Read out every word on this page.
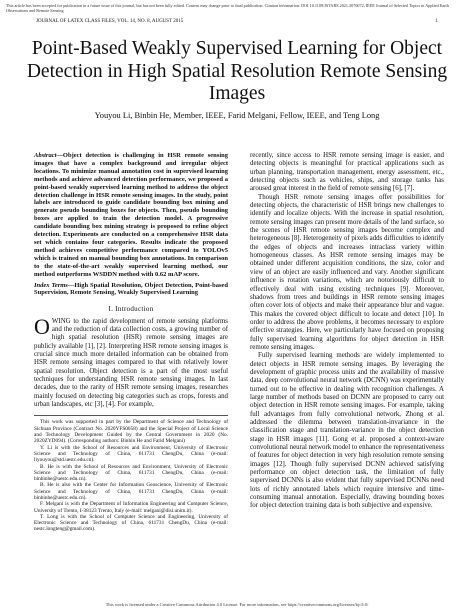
This article has been accepted for publication in a future issue of this journal, but has not been fully edited. Content may change prior to final publication. Citation information: DOI 10.1109/JSTARS.2021.3076072, IEEE Journal of Selected Topics in Applied Earth Observations and Remote Sensing
JOURNAL OF LATEX CLASS FILES, VOL. 14, NO. 8, AUGUST 2015	1
Point-Based Weakly Supervised Learning for Object Detection in High Spatial Resolution Remote Sensing Images
Youyou Li, Binbin He, Member, IEEE, Farid Melgani, Fellow, IEEE, and Teng Long

Abstract—Object detection is challenging in HSR remote sensing images that have a complex background and irregular object locations. To minimize manual annotation cost in supervised learning methods and achieve advanced detection performance, we proposed a point-based weakly supervised learning method to address the object detection challenge in HSR remote sensing images. In the study, point labels are introduced to guide candidate bounding box mining and generate pseudo bounding boxes for objects. Then, pseudo bounding boxes are applied to train the detection model. A progressive candidate bounding box mining strategy is proposed to refine object detection. Experiments are conducted on a comprehensive HSR data set which contains four categories. Results indicate the proposed method achieves competitive performance compared to YOLOv5 which is trained on manual bounding box annotations. In comparison to the state-of-the-art weakly supervised learning method, our method outperforms WSDDN method with 0.62 mAP score.

Index Terms—High Spatial Resolution, Object Detection, Point-based Supervision, Remote Sensing, Weakly Supervised Learning

I. Introduction

OWING to the rapid development of remote sensing platforms and the reduction of data collection costs, a growing number of high spatial resolution (HSR) remote sensing images are publicly available [1], [2]. Interpreting HSR remote sensing images is crucial since much more detailed information can be obtained from HSR remote sensing images compared to that with relatively lower spatial resolution. Object detection is a part of the most useful techniques for understanding HSR remote sensing images. In last decades, due to the rarity of HSR remote sensing images, researches mainly focused on detecting big categories such as crops, forests and urban landscapes, etc [3], [4]. For example,

This work was supported in part by the Department of Science and Technology of Sichuan Province (Contract No. 2020YFS0058) and the Special Project of Local Science and Technology Development Guided by the Central Government in 2020 (No. 2020ZYD094). (Corresponding authors: Binbin He and Farid Melgani)

Y. Li is with the School of Resources and Environment, University of Electronic Science and Technology of China, 611731 ChengDu, China (e-mail: liyouyou@std.uestc.edu.cn).

B. He is with the School of Resources and Environment, University of Electronic Science and Technology of China, 611731 ChengDu, China (e-mail: binbinhe@uestc.edu.cn).

B. He is also with the Center for Information Geoscience, University of Electronic Science and Technology of China, 611731 ChengDu, China (e-mail: binbinhe@uestc.edu.cn).

F. Melgani is with the Department of Information Engineering and Computer Science, University of Trento, I-38123 Trento, Italy (e-mail: melgani@disi.unitn.it).

T. Long is with the School of Computer Science and Engineering, University of Electronic Science and Technology of China, 611731 ChengDu, China (e-mail: nestc.longteng@gmail.com).

recently, since access to HSR remote sensing image is easier, and detecting objects is meaningful for practical applications such as urban planning, transportation management, energy assessment, etc., detecting objects such as vehicles, ships, and storage tanks has aroused great interest in the field of remote sensing [6], [7].

Though HSR remote sensing images offer possibilities for detecting objects, the characteristic of HSR brings new challenges to identify and localize objects. With the increase in spatial resolution, remote sensing images can present more details of the land surface, so the scenes of HSR remote sensing images become complex and heterogeneous [8]. Heterogeneity of pixels adds difficulties to identify the edges of objects and increases intraclass variety within homogeneous classes. As HSR remote sensing images may be obtained under different acquisition conditions, the size, color and view of an object are easily influenced and vary. Another significant influence is rotation variations, which are notoriously difficult to effectively deal with using existing techniques [9]. Moreover, shadows from trees and buildings in HSR remote sensing images often cover lots of objects and make their appearance blur and vague. This makes the covered object difficult to locate and detect [10]. In order to address the above problems, it becomes necessary to explore effective strategies. Here, we particularly have focused on proposing fully supervised learning algorithms for object detection in HSR remote sensing images.

Fully supervised learning methods are widely implemented to detect objects in HSR remote sensing images. By leveraging the development of graphic process units and the availability of massive data, deep convolutional neural network (DCNN) was experimentally turned out to be effective in dealing with recognition challenges. A large number of methods based on DCNN are proposed to carry out object detection in HSR remote sensing images. For example, taking full advantages from fully convolutional network, Zhong et al. addressed the dilemma between translation-invariance in the classification stage and translation-variance in the object detection stage in HSR images [11]. Gong et al. proposed a context-aware convolutional neural network model to enhance the representativeness of features for object detection in very high resolution remote sensing images [12]. Though fully supervised DCNN achieved satisfying performance on object detection task, the limitation of fully supervised DCNNs is also evident that fully supervised DCNNs need lots of richly annotated labels which require intensive and time-consuming manual annotation. Especially, drawing bounding boxes for object detection training data is both subjective and expensive.

This work is licensed under a Creative Commons Attribution 4.0 License. For more information, see https://creativecommons.org/licenses/by/4.0/
